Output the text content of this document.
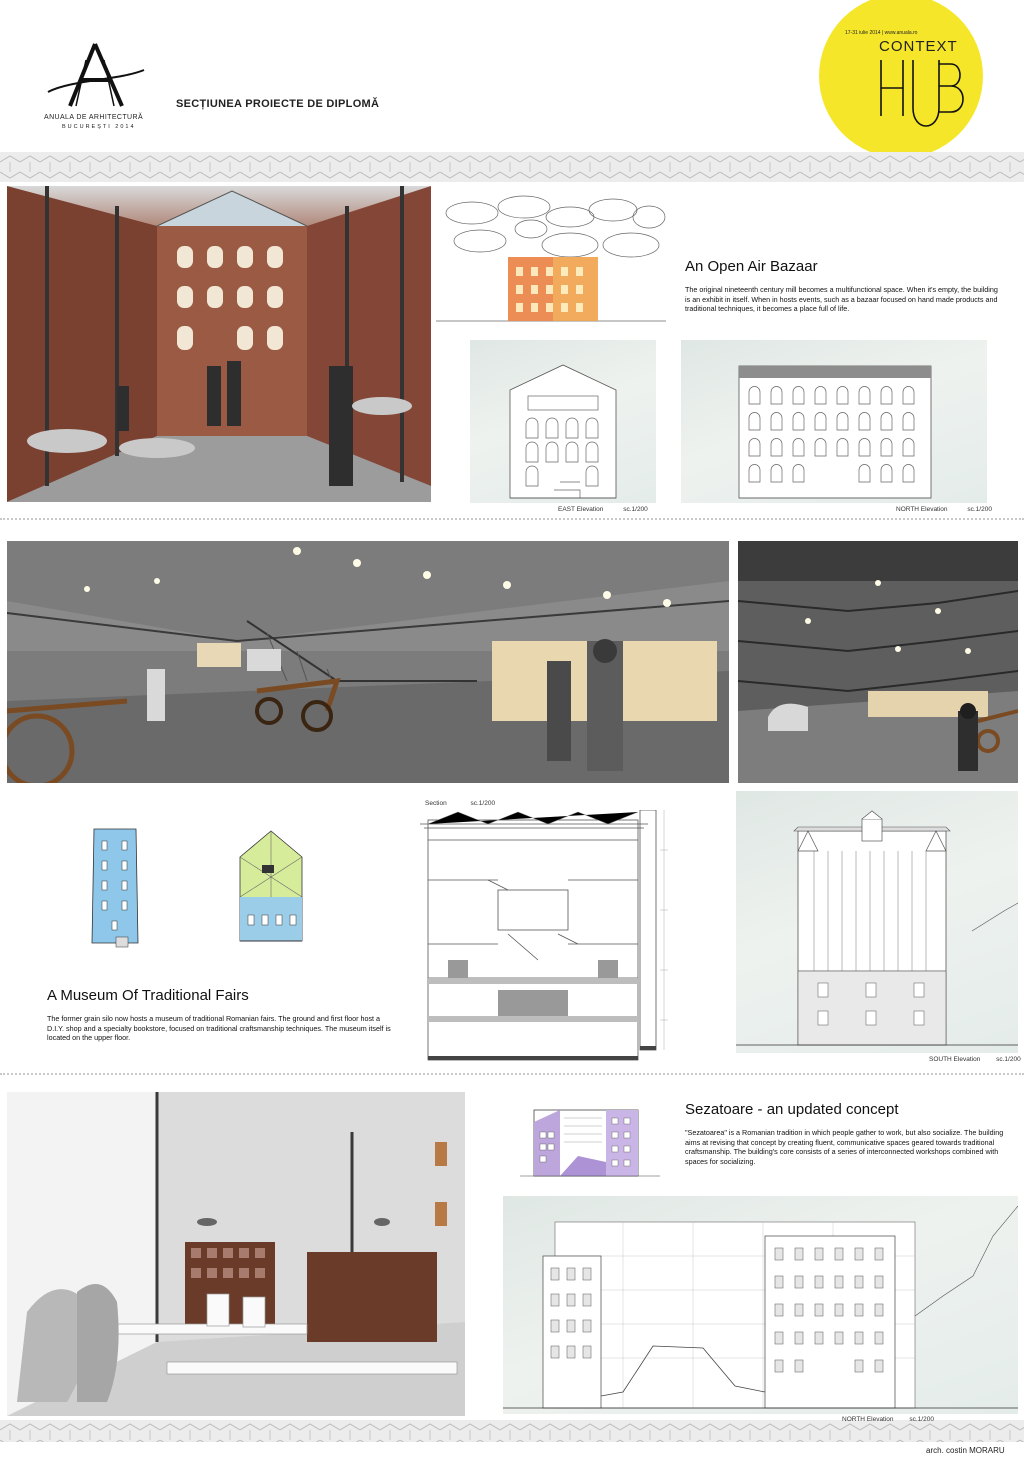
ANUALA DE ARHITECTURĂ
BUCUREȘTI 2014
SECȚIUNEA PROIECTE DE DIPLOMĂ
17-31 iulie 2014 | www.anuala.ro
CONTEXT
An Open Air Bazaar
The original nineteenth century mill becomes a multifunctional space. When it's empty, the building is an exhibit in itself. When in hosts events, such as a bazaar focused on hand made products and traditional techniques, it becomes a place full of life.
EAST Elevation	sc.1/200	NORTH Elevation	sc.1/200
A Museum Of Traditional Fairs
The former grain silo now hosts a museum of traditional Romanian fairs. The ground and first floor host a D.I.Y. shop and a specialty bookstore, focused on traditional craftsmanship techniques. The museum itself is located on the upper floor.
Section	sc.1/200
SOUTH Elevation sc.1/200
Sezatoare - an updated concept
"Sezatoarea" is a Romanian tradition in which people gather to work, but also socialize. The building aims at revising that concept by creating fluent, communicative spaces geared towards traditional craftsmanship. The building's core consists of a series of interconnected workshops combined with spaces for socializing.
NORTH Elevation sc.1/200
arch. costin MORARU
